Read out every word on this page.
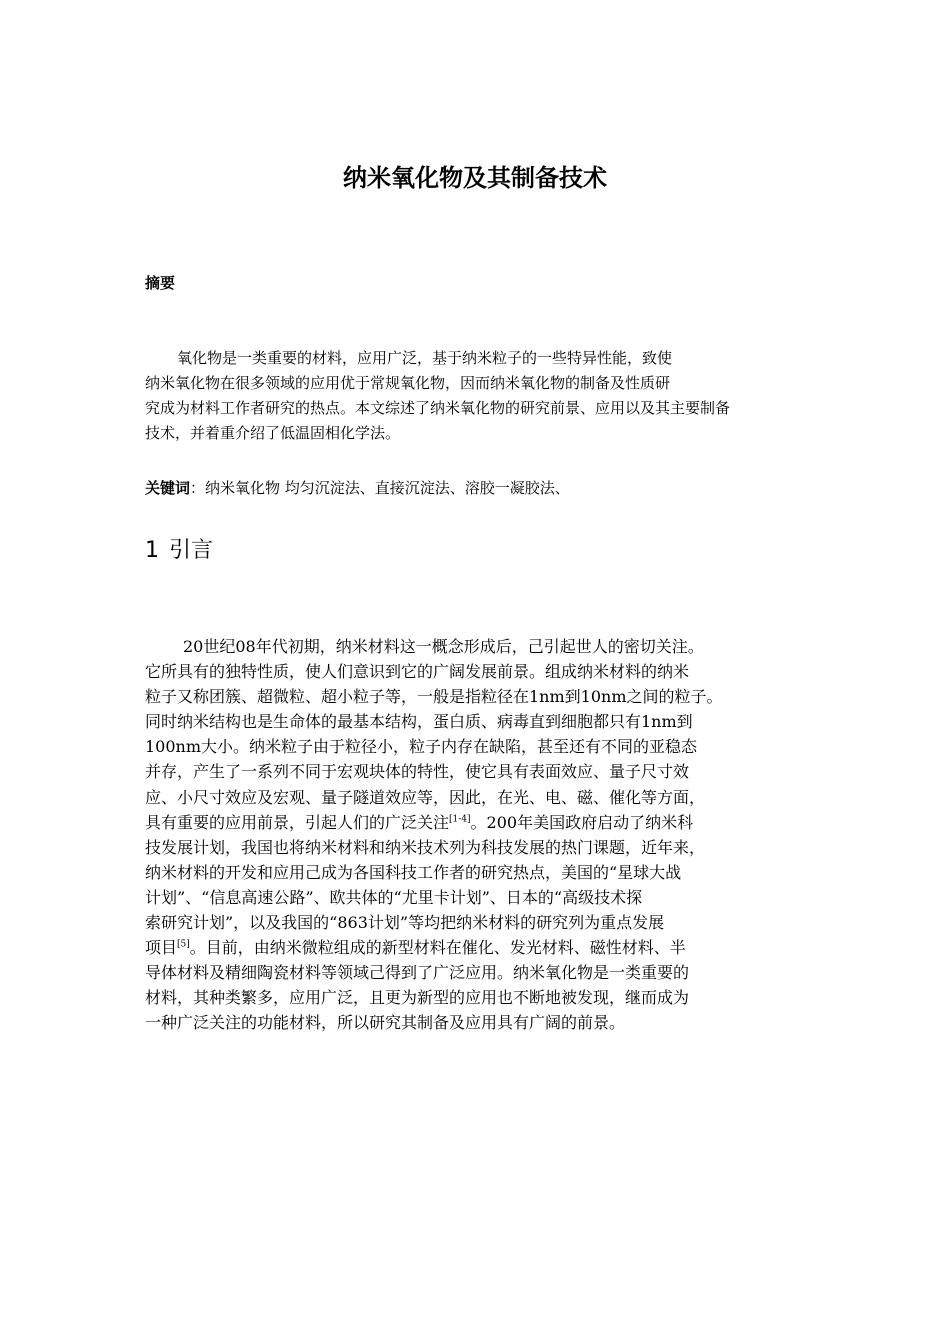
纳米氧化物及其制备技术
摘要
氧化物是一类重要的材料，应用广泛，基于纳米粒子的一些特异性能，致使
纳米氧化物在很多领域的应用优于常规氧化物，因而纳米氧化物的制备及性质研
究成为材料工作者研究的热点。本文综述了纳米氧化物的研究前景、应用以及其主要制备
技术，并着重介绍了低温固相化学法。
关键词：纳米氧化物 均匀沉淀法、直接沉淀法、溶胶一凝胶法、
1 引言
20世纪08年代初期，纳米材料这一概念形成后，己引起世人的密切关注。
它所具有的独特性质，使人们意识到它的广阔发展前景。组成纳米材料的纳米
粒子又称团簇、超微粒、超小粒子等，一般是指粒径在1nm到10nm之间的粒子。
同时纳米结构也是生命体的最基本结构，蛋白质、病毒直到细胞都只有1nm到
100nm大小。纳米粒子由于粒径小，粒子内存在缺陷，甚至还有不同的亚稳态
并存，产生了一系列不同于宏观块体的特性，使它具有表面效应、量子尺寸效
应、小尺寸效应及宏观、量子隧道效应等，因此，在光、电、磁、催化等方面，
具有重要的应用前景，引起人们的广泛关注[1-4]。200年美国政府启动了纳米科
技发展计划，我国也将纳米材料和纳米技术列为科技发展的热门课题，近年来，
纳米材料的开发和应用己成为各国科技工作者的研究热点，美国的“星球大战
计划”、“信息高速公路”、欧共体的“尤里卡计划”、日本的“高级技术探
索研究计划”，以及我国的“863计划”等均把纳米材料的研究列为重点发展
项目[5]。目前，由纳米微粒组成的新型材料在催化、发光材料、磁性材料、半
导体材料及精细陶瓷材料等领域己得到了广泛应用。纳米氧化物是一类重要的
材料，其种类繁多，应用广泛，且更为新型的应用也不断地被发现，继而成为
一种广泛关注的功能材料，所以研究其制备及应用具有广阔的前景。
